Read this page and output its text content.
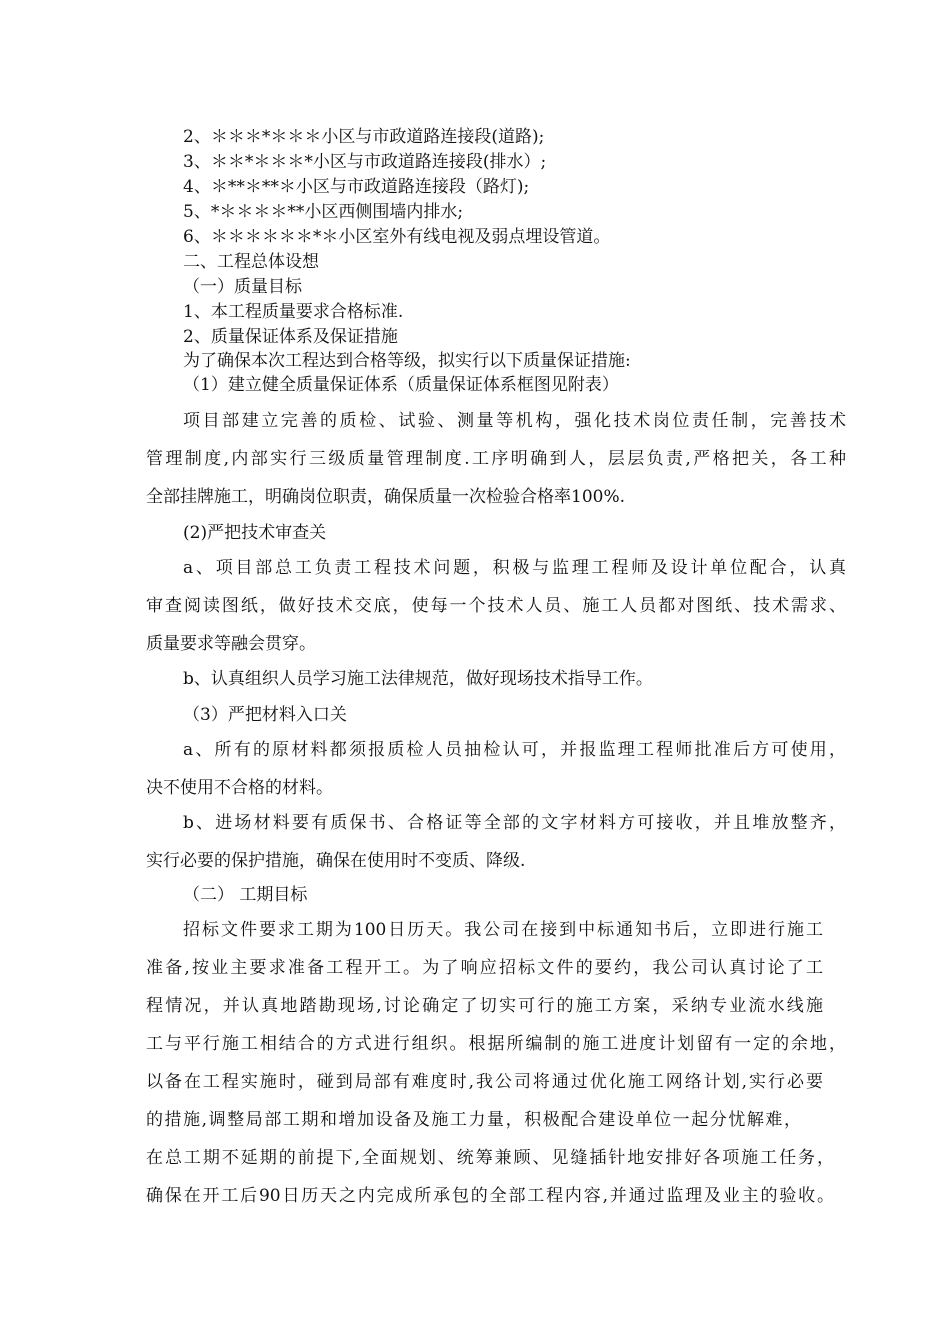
2、＊＊＊*＊＊＊小区与市政道路连接段(道路);
3、＊＊*＊＊＊*小区与市政道路连接段(排水）;
4、＊**＊**＊小区与市政道路连接段（路灯);
5、*＊＊＊＊**小区西侧围墙内排水;
6、＊＊＊＊＊＊*＊小区室外有线电视及弱点埋设管道。
二、工程总体设想
（一）质量目标
1、本工程质量要求合格标准.
2、质量保证体系及保证措施
为了确保本次工程达到合格等级，拟实行以下质量保证措施:
（1）建立健全质量保证体系（质量保证体系框图见附表）
项目部建立完善的质检、试验、测量等机构，强化技术岗位责任制，完善技术
管理制度,内部实行三级质量管理制度.工序明确到人，层层负责,严格把关，各工种
全部挂牌施工，明确岗位职责，确保质量一次检验合格率100%.
(2)严把技术审查关
a、项目部总工负责工程技术问题，积极与监理工程师及设计单位配合，认真
审查阅读图纸，做好技术交底，使每一个技术人员、施工人员都对图纸、技术需求、
质量要求等融会贯穿。
b、认真组织人员学习施工法律规范，做好现场技术指导工作。
（3）严把材料入口关
a、所有的原材料都须报质检人员抽检认可，并报监理工程师批准后方可使用，
决不使用不合格的材料。
b、进场材料要有质保书、合格证等全部的文字材料方可接收，并且堆放整齐，
实行必要的保护措施，确保在使用时不变质、降级.
（二） 工期目标
招标文件要求工期为100日历天。我公司在接到中标通知书后，立即进行施工
准备,按业主要求准备工程开工。为了响应招标文件的要约，我公司认真讨论了工
程情况，并认真地踏勘现场,讨论确定了切实可行的施工方案，采纳专业流水线施
工与平行施工相结合的方式进行组织。根据所编制的施工进度计划留有一定的余地，
以备在工程实施时，碰到局部有难度时,我公司将通过优化施工网络计划,实行必要
的措施,调整局部工期和增加设备及施工力量，积极配合建设单位一起分忧解难，
在总工期不延期的前提下,全面规划、统筹兼顾、见缝插针地安排好各项施工任务，
确保在开工后90日历天之内完成所承包的全部工程内容,并通过监理及业主的验收。
